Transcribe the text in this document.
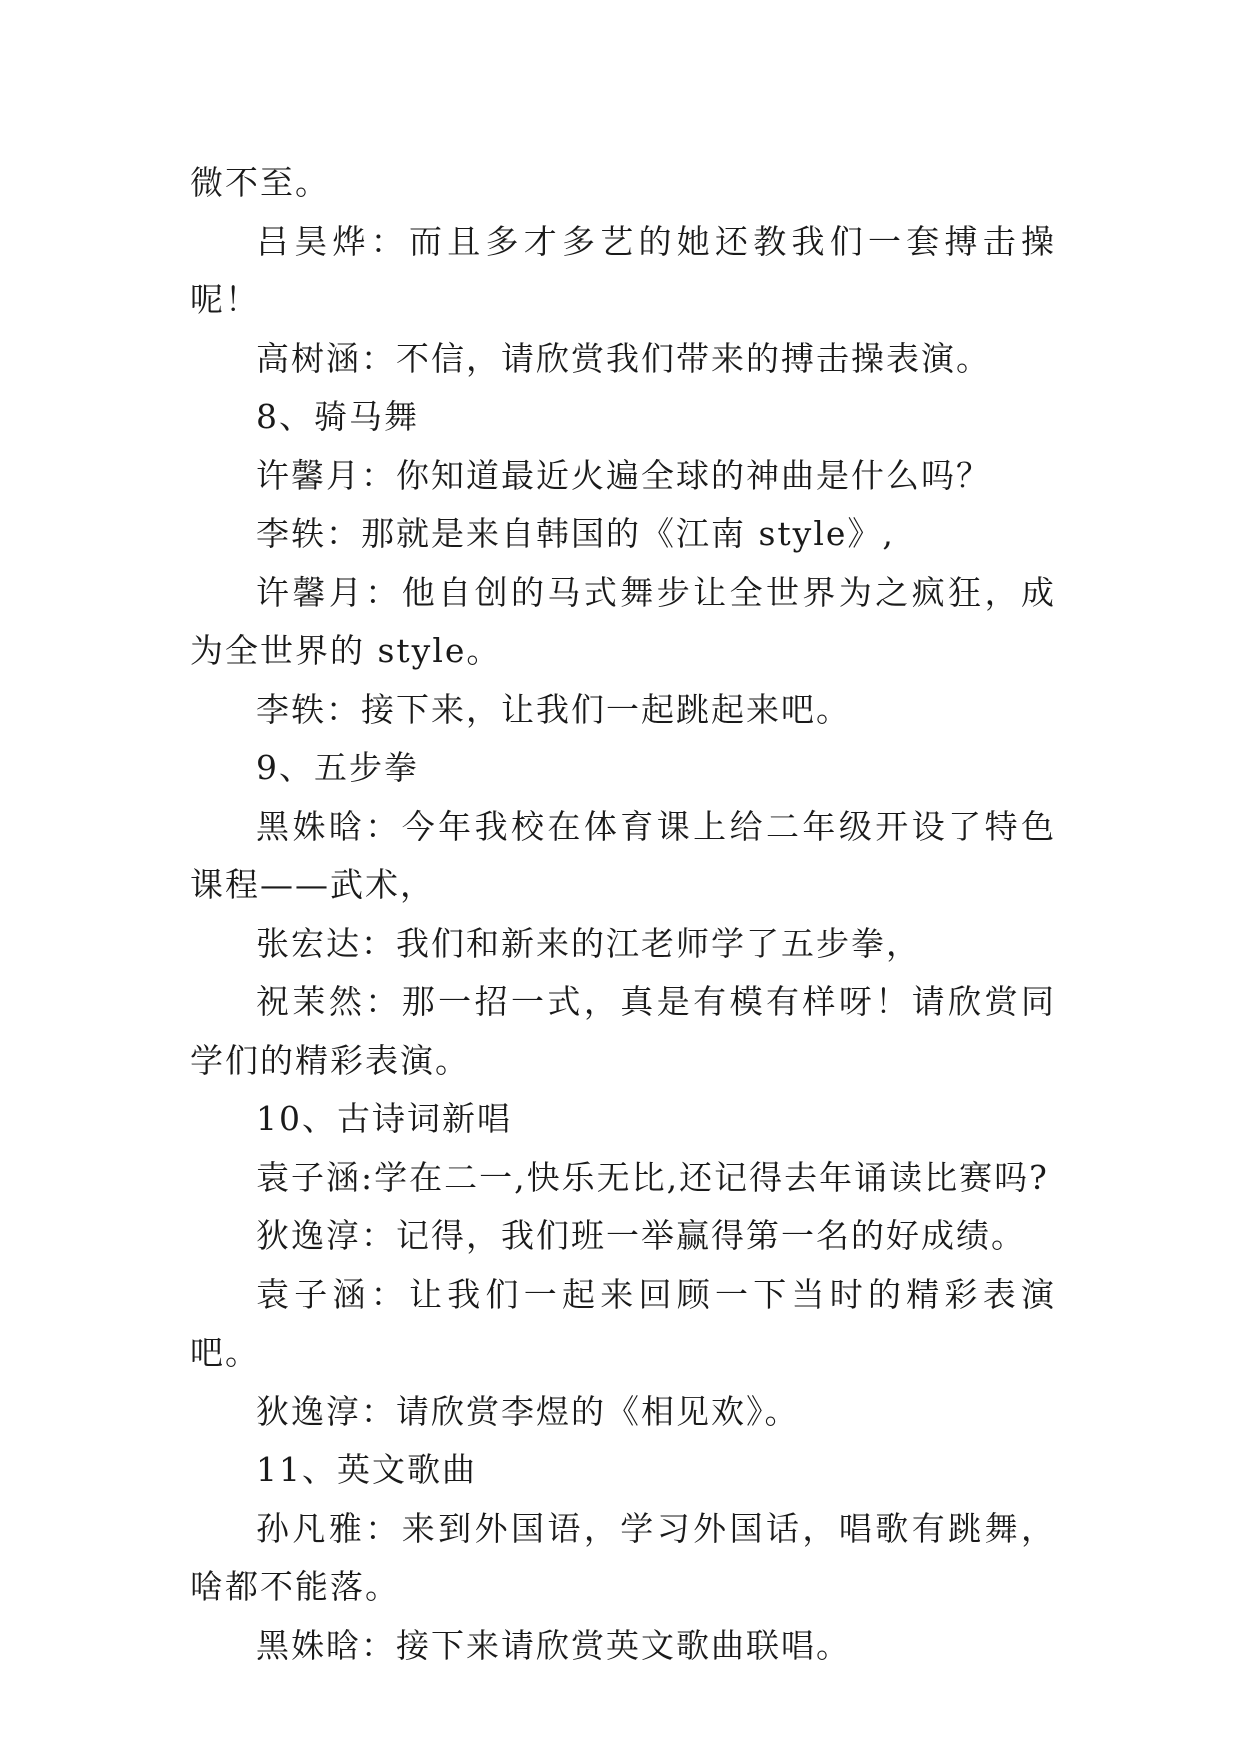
微不至。

吕昊烨：而且多才多艺的她还教我们一套搏击操呢！

高树涵：不信，请欣赏我们带来的搏击操表演。

8、骑马舞

许馨月：你知道最近火遍全球的神曲是什么吗？

李轶：那就是来自韩国的《江南 style》,

许馨月：他自创的马式舞步让全世界为之疯狂，成为全世界的 style。

李轶：接下来，让我们一起跳起来吧。

9、五步拳

黑姝晗：今年我校在体育课上给二年级开设了特色课程——武术，

张宏达：我们和新来的江老师学了五步拳，

祝茉然：那一招一式，真是有模有样呀！请欣赏同学们的精彩表演。

10、古诗词新唱

袁子涵:学在二一,快乐无比,还记得去年诵读比赛吗?

狄逸淳：记得，我们班一举赢得第一名的好成绩。

袁子涵：让我们一起来回顾一下当时的精彩表演吧。

狄逸淳：请欣赏李煜的《相见欢》。

11、英文歌曲

孙凡雅：来到外国语，学习外国话，唱歌有跳舞，啥都不能落。

黑姝晗：接下来请欣赏英文歌曲联唱。
